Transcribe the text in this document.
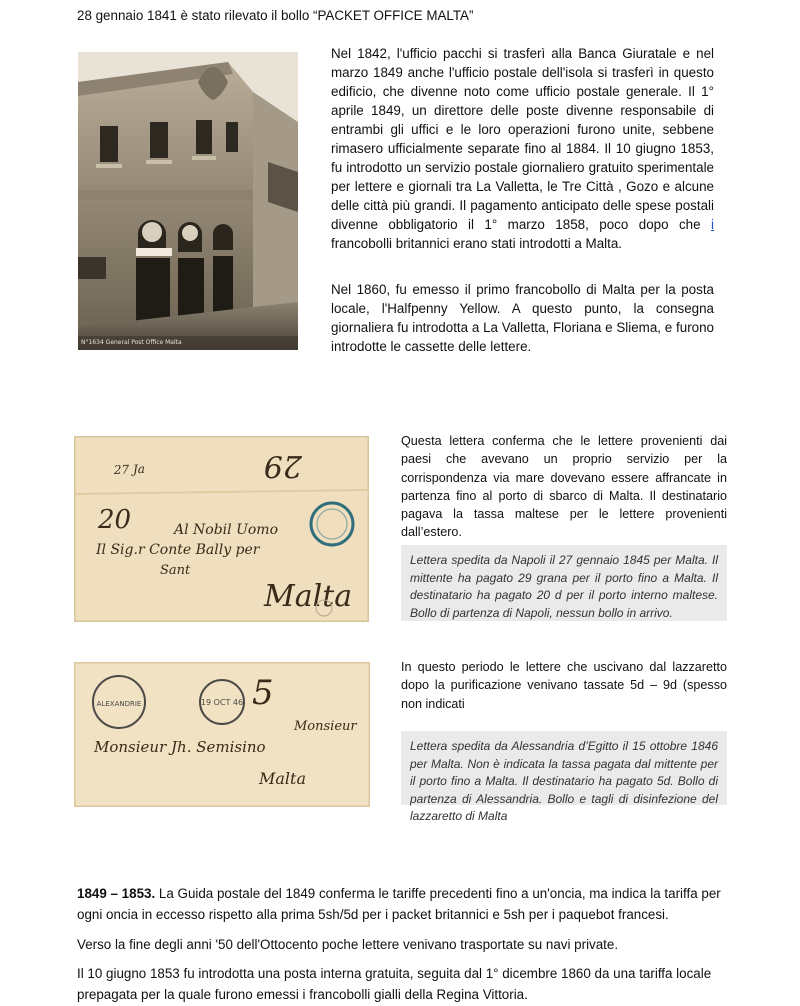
28 gennaio 1841 è stato rilevato il bollo “PACKET OFFICE MALTA”
N°1634 General Post Office Malta
Nel 1842, l'ufficio pacchi si trasferì alla Banca Giuratale e nel marzo 1849 anche l'ufficio postale dell'isola si trasferì in questo edificio, che divenne noto come ufficio postale generale. Il 1° aprile 1849, un direttore delle poste divenne responsabile di entrambi gli uffici e le loro operazioni furono unite, sebbene rimasero ufficialmente separate fino al 1884. Il 10 giugno 1853, fu introdotto un servizio postale giornaliero gratuito sperimentale per lettere e giornali tra La Valletta, le Tre Città , Gozo e alcune delle città più grandi. Il pagamento anticipato delle spese postali divenne obbligatorio il 1° marzo 1858, poco dopo che i francobolli britannici erano stati introdotti a Malta.
Nel 1860, fu emesso il primo francobollo di Malta per la posta locale, l'Halfpenny Yellow. A questo punto, la consegna giornaliera fu introdotta a La Valletta, Floriana e Sliema, e furono introdotte le cassette delle lettere.
29
27 Ja
20	Al Nobil Uomo
Il Sig.r Conte Bally per
Sant
Malta
Questa lettera conferma che le lettere provenienti dai paesi che avevano un proprio servizio per la corrispondenza via mare dovevano essere affrancate in partenza fino al porto di sbarco di Malta. Il destinatario pagava la tassa maltese per le lettere provenienti dall’estero.
Lettera spedita da Napoli il 27 gennaio 1845 per Malta. Il mittente ha pagato 29 grana per il porto fino a Malta. Il destinatario ha pagato 20 d per il porto interno maltese. Bollo di partenza di Napoli, nessun bollo in arrivo.
ALEXANDRIE	19 OCT 46 5
Monsieur
Monsieur Jh. Semisino
Malta
In questo periodo le lettere che uscivano dal lazzaretto dopo la purificazione venivano tassate 5d – 9d (spesso non indicati
Lettera spedita da Alessandria d’Egitto il 15 ottobre 1846 per Malta. Non è indicata la tassa pagata dal mittente per il porto fino a Malta. Il destinatario ha pagato 5d. Bollo di partenza di Alessandria. Bollo e tagli di disinfezione del lazzaretto di Malta
1849 – 1853. La Guida postale del 1849 conferma le tariffe precedenti fino a un'oncia, ma indica la tariffa per ogni oncia in eccesso rispetto alla prima 5sh/5d per i packet britannici e 5sh per i paquebot francesi.
Verso la fine degli anni '50 dell'Ottocento poche lettere venivano trasportate su navi private.
Il 10 giugno 1853 fu introdotta una posta interna gratuita, seguita dal 1° dicembre 1860 da una tariffa locale prepagata per la quale furono emessi i francobolli gialli della Regina Vittoria.
